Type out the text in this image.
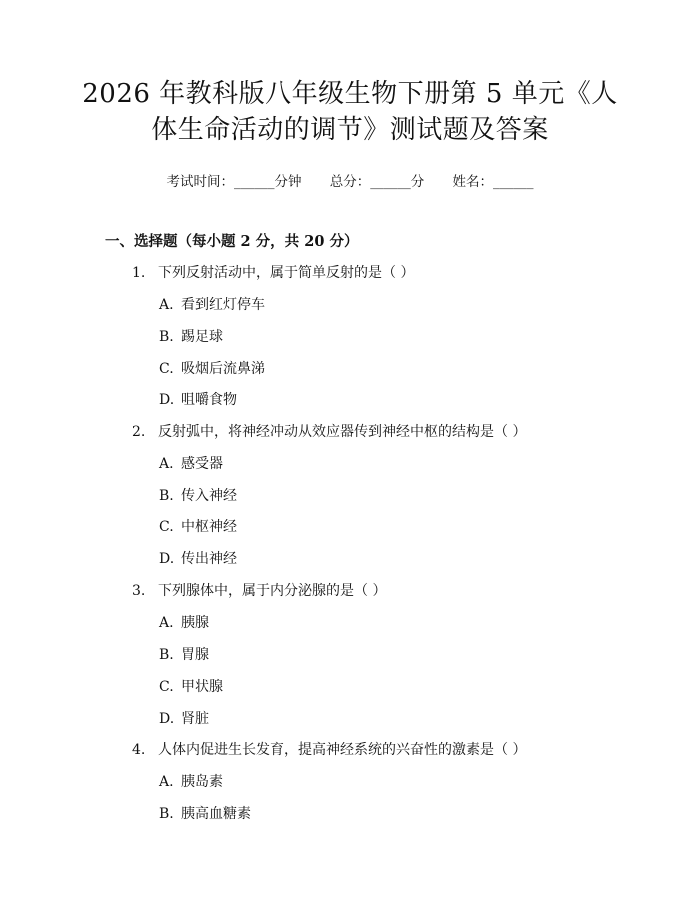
2026 年教科版八年级生物下册第 5 单元《人
体生命活动的调节》测试题及答案
考试时间：______分钟 总分：______分 姓名：______
一、选择题（每小题 2 分，共 20 分）
1. 下列反射活动中，属于简单反射的是（ ）
A. 看到红灯停车
B. 踢足球
C. 吸烟后流鼻涕
D. 咀嚼食物
2. 反射弧中，将神经冲动从效应器传到神经中枢的结构是（ ）
A. 感受器
B. 传入神经
C. 中枢神经
D. 传出神经
3. 下列腺体中，属于内分泌腺的是（ ）
A. 胰腺
B. 胃腺
C. 甲状腺
D. 肾脏
4. 人体内促进生长发育，提高神经系统的兴奋性的激素是（ ）
A. 胰岛素
B. 胰高血糖素
